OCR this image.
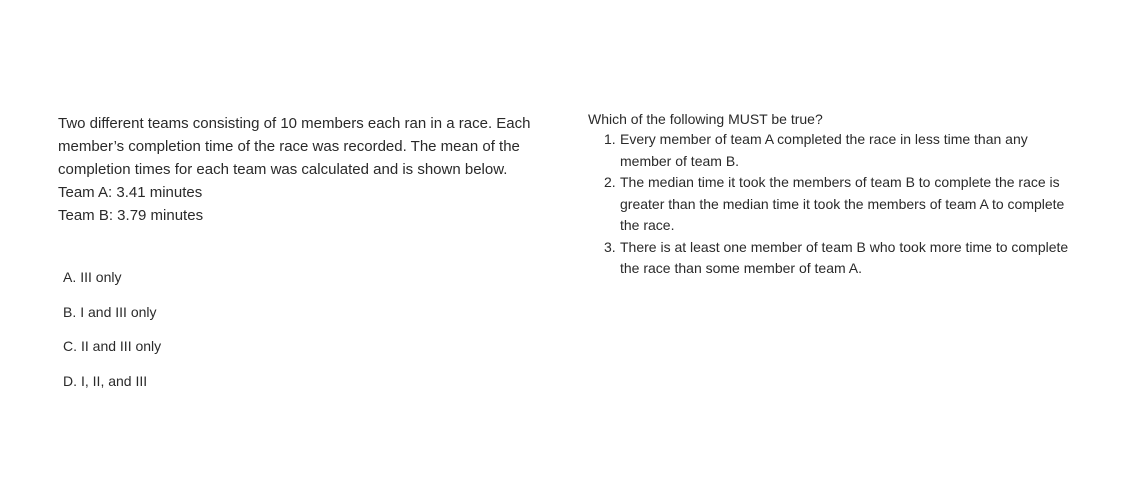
Two different teams consisting of 10 members each ran in a race. Each member’s completion time of the race was recorded. The mean of the completion times for each team was calculated and is shown below.

Team A: 3.41 minutes

Team B: 3.79 minutes

A. III only
B. I and III only
C. II and III only
D. I, II, and III
Which of the following MUST be true?
1. Every member of team A completed the race in less time than any member of team B.
2. The median time it took the members of team B to complete the race is greater than the median time it took the members of team A to complete the race.
3. There is at least one member of team B who took more time to complete the race than some member of team A.
